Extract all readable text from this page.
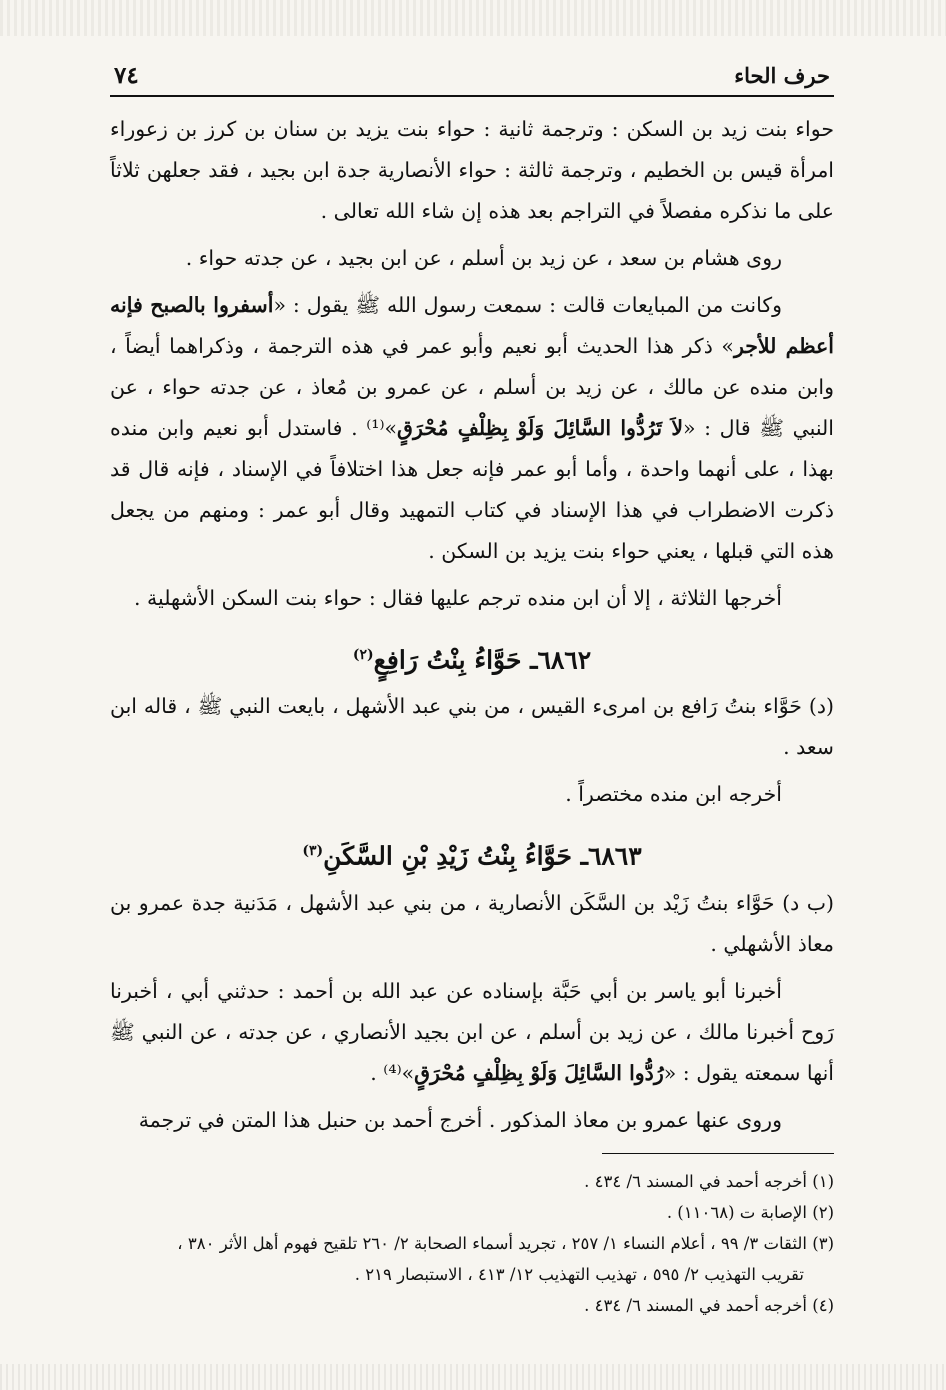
حرف الحاء
٧٤

حواء بنت زيد بن السكن : وترجمة ثانية : حواء بنت يزيد بن سنان بن كرز بن زعوراء امرأة قيس بن الخطيم ، وترجمة ثالثة : حواء الأنصارية جدة ابن بجيد ، فقد جعلهن ثلاثاً على ما نذكره مفصلاً في التراجم بعد هذه إن شاء الله تعالى .

روى هشام بن سعد ، عن زيد بن أسلم ، عن ابن بجيد ، عن جدته حواء .

وكانت من المبايعات قالت : سمعت رسول الله ﷺ يقول : «أسفروا بالصبح فإنه أعظم للأجر» ذكر هذا الحديث أبو نعيم وأبو عمر في هذه الترجمة ، وذكراهما أيضاً ، وابن منده عن مالك ، عن زيد بن أسلم ، عن عمرو بن مُعاذ ، عن جدته حواء ، عن النبي ﷺ قال : «لاَ تَرُدُّوا السَّائِلَ وَلَوْ بِظِلْفٍ مُحْرَقٍ»⁽¹⁾ . فاستدل أبو نعيم وابن منده بهذا ، على أنهما واحدة ، وأما أبو عمر فإنه جعل هذا اختلافاً في الإسناد ، فإنه قال قد ذكرت الاضطراب في هذا الإسناد في كتاب التمهيد وقال أبو عمر : ومنهم من يجعل هذه التي قبلها ، يعني حواء بنت يزيد بن السكن .

أخرجها الثلاثة ، إلا أن ابن منده ترجم عليها فقال : حواء بنت السكن الأشهلية .

٦٨٦٢ـ حَوَّاءُ بِنْتُ رَافِعٍ$^{(٢)}$

(د) حَوَّاء بنتُ رَافع بن امرىء القيس ، من بني عبد الأشهل ، بايعت النبي ﷺ ، قاله ابن سعد .

أخرجه ابن منده مختصراً .

٦٨٦٣ـ حَوَّاءُ بِنْتُ زَيْدِ بْنِ السَّكَنِ$^{(٣)}$

(ب د) حَوَّاء بنتُ زَيْد بن السَّكَن الأنصارية ، من بني عبد الأشهل ، مَدَنية جدة عمرو بن معاذ الأشهلي .

أخبرنا أبو ياسر بن أبي حَبَّة بإسناده عن عبد الله بن أحمد : حدثني أبي ، أخبرنا رَوح أخبرنا مالك ، عن زيد بن أسلم ، عن ابن بجيد الأنصاري ، عن جدته ، عن النبي ﷺ أنها سمعته يقول : «رُدُّوا السَّائِلَ وَلَوْ بِظِلْفٍ مُحْرَقٍ»⁽⁴⁾ .

وروى عنها عمرو بن معاذ المذكور . أخرج أحمد بن حنبل هذا المتن في ترجمة

(١) أخرجه أحمد في المسند ٦/ ٤٣٤ .

(٢) الإصابة ت (١١٠٦٨) .

(٣) الثقات ٣/ ٩٩ ، أعلام النساء ١/ ٢٥٧ ، تجريد أسماء الصحابة ٢/ ٢٦٠ تلقيح فهوم أهل الأثر ٣٨٠ ،

تقريب التهذيب ٢/ ٥٩٥ ، تهذيب التهذيب ١٢/ ٤١٣ ، الاستبصار ٢١٩ .

(٤) أخرجه أحمد في المسند ٦/ ٤٣٤ .
